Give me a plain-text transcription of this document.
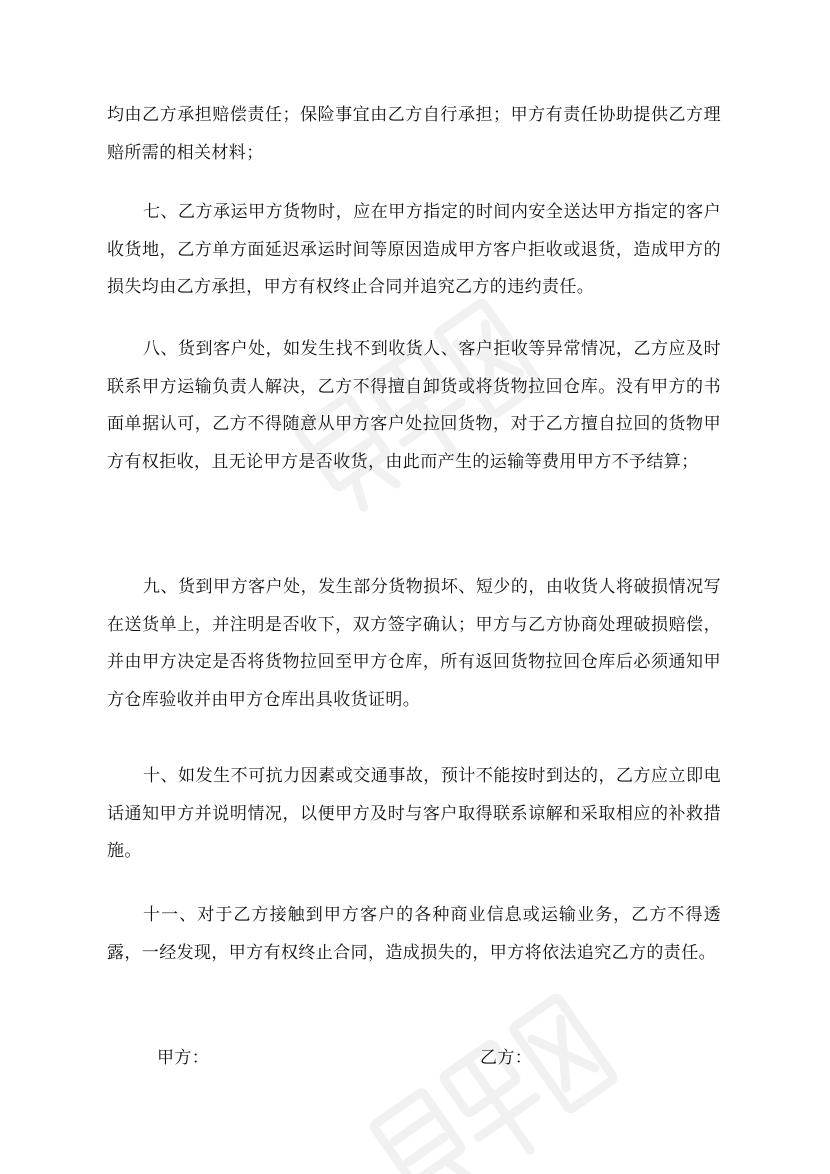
均由乙方承担赔偿责任；保险事宜由乙方自行承担；甲方有责任协助提供乙方理赔所需的相关材料；

七、乙方承运甲方货物时，应在甲方指定的时间内安全送达甲方指定的客户收货地，乙方单方面延迟承运时间等原因造成甲方客户拒收或退货，造成甲方的损失均由乙方承担，甲方有权终止合同并追究乙方的违约责任。

八、货到客户处，如发生找不到收货人、客户拒收等异常情况，乙方应及时联系甲方运输负责人解决，乙方不得擅自卸货或将货物拉回仓库。没有甲方的书面单据认可，乙方不得随意从甲方客户处拉回货物，对于乙方擅自拉回的货物甲方有权拒收，且无论甲方是否收货，由此而产生的运输等费用甲方不予结算；

九、货到甲方客户处，发生部分货物损坏、短少的，由收货人将破损情况写在送货单上，并注明是否收下，双方签字确认；甲方与乙方协商处理破损赔偿，并由甲方决定是否将货物拉回至甲方仓库，所有返回货物拉回仓库后必须通知甲方仓库验收并由甲方仓库出具收货证明。

十、如发生不可抗力因素或交通事故，预计不能按时到达的，乙方应立即电话通知甲方并说明情况，以便甲方及时与客户取得联系谅解和采取相应的补救措施。

十一、对于乙方接触到甲方客户的各种商业信息或运输业务，乙方不得透露，一经发现，甲方有权终止合同，造成损失的，甲方将依法追究乙方的责任。

甲方：	乙方：
